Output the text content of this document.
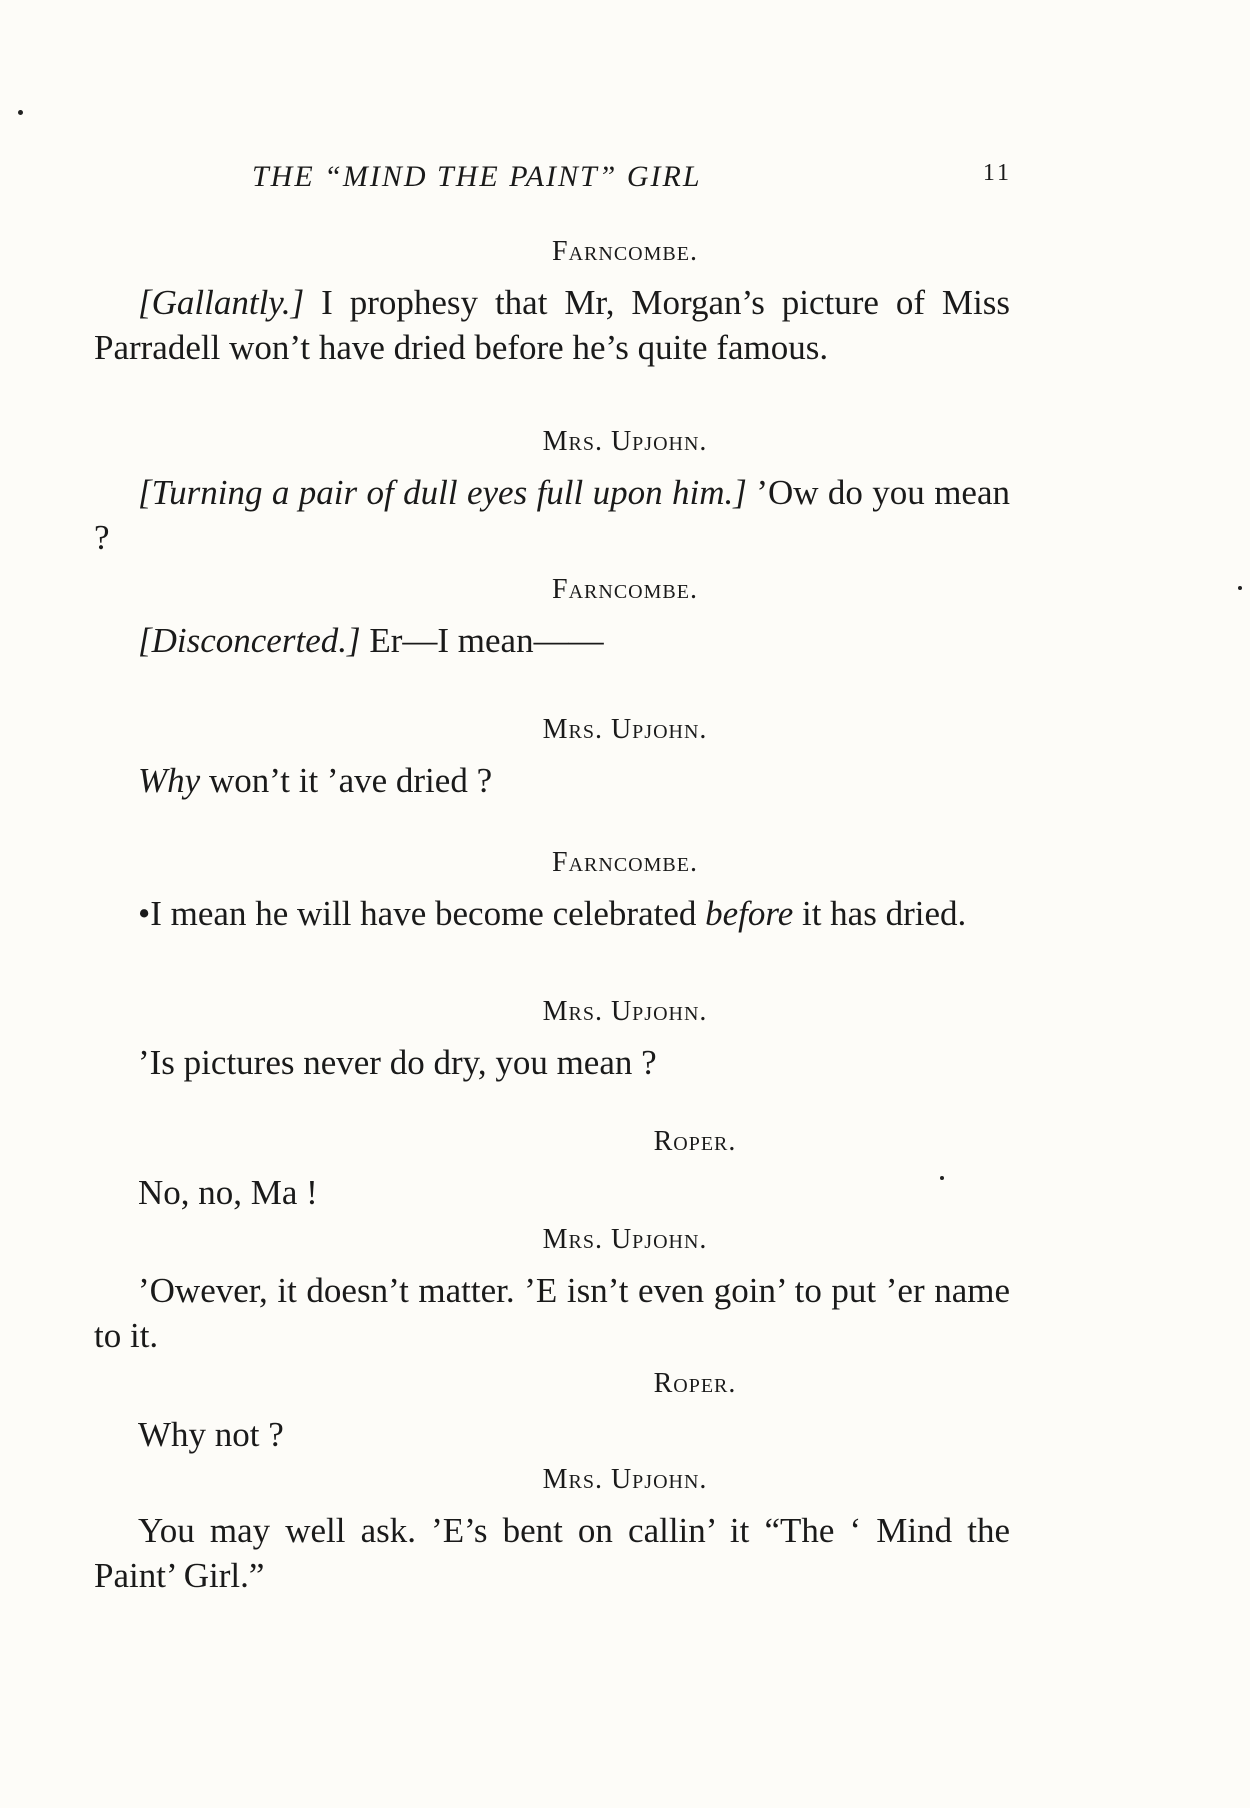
THE “MIND THE PAINT” GIRL	11
Farncombe.
[Gallantly.] I prophesy that Mr, Morgan’s picture of Miss Parradell won’t have dried before he’s quite famous.
Mrs. Upjohn.
[Turning a pair of dull eyes full upon him.] ’Ow do you mean ?
Farncombe.
[Disconcerted.] Er—I mean——
Mrs. Upjohn.
Why won’t it ’ave dried ?
Farncombe.
•I mean he will have become celebrated before it has dried.
Mrs. Upjohn.
’Is pictures never do dry, you mean ?
Roper.
No, no, Ma !
Mrs. Upjohn.
’Owever, it doesn’t matter. ’E isn’t even goin’ to put ’er name to it.
Roper.
Why not ?
Mrs. Upjohn.
You may well ask. ’E’s bent on callin’ it “The ‘ Mind the Paint’ Girl.”
